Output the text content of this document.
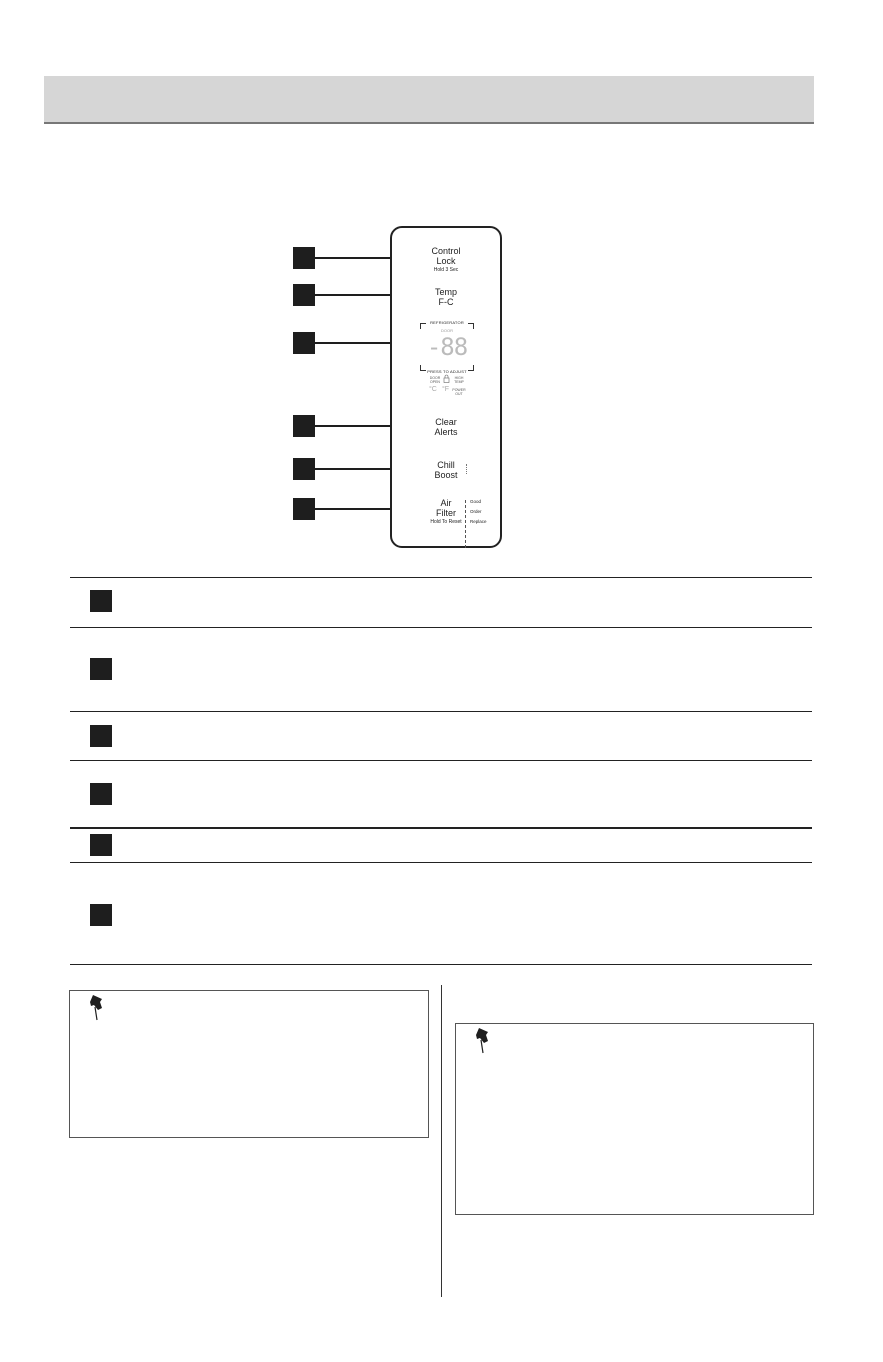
Control
Lock
Hold 3 Sec
Temp
F-C
REFRIGERATOR
DOOR
-88
PRESS TO ADJUST
DOOR
OPEN
HIGH
TEMP
°C °F POWER
OUT
Clear
Alerts
Chill
Boost
Air
Filter
Hold To Reset
Good
Order
Replace
